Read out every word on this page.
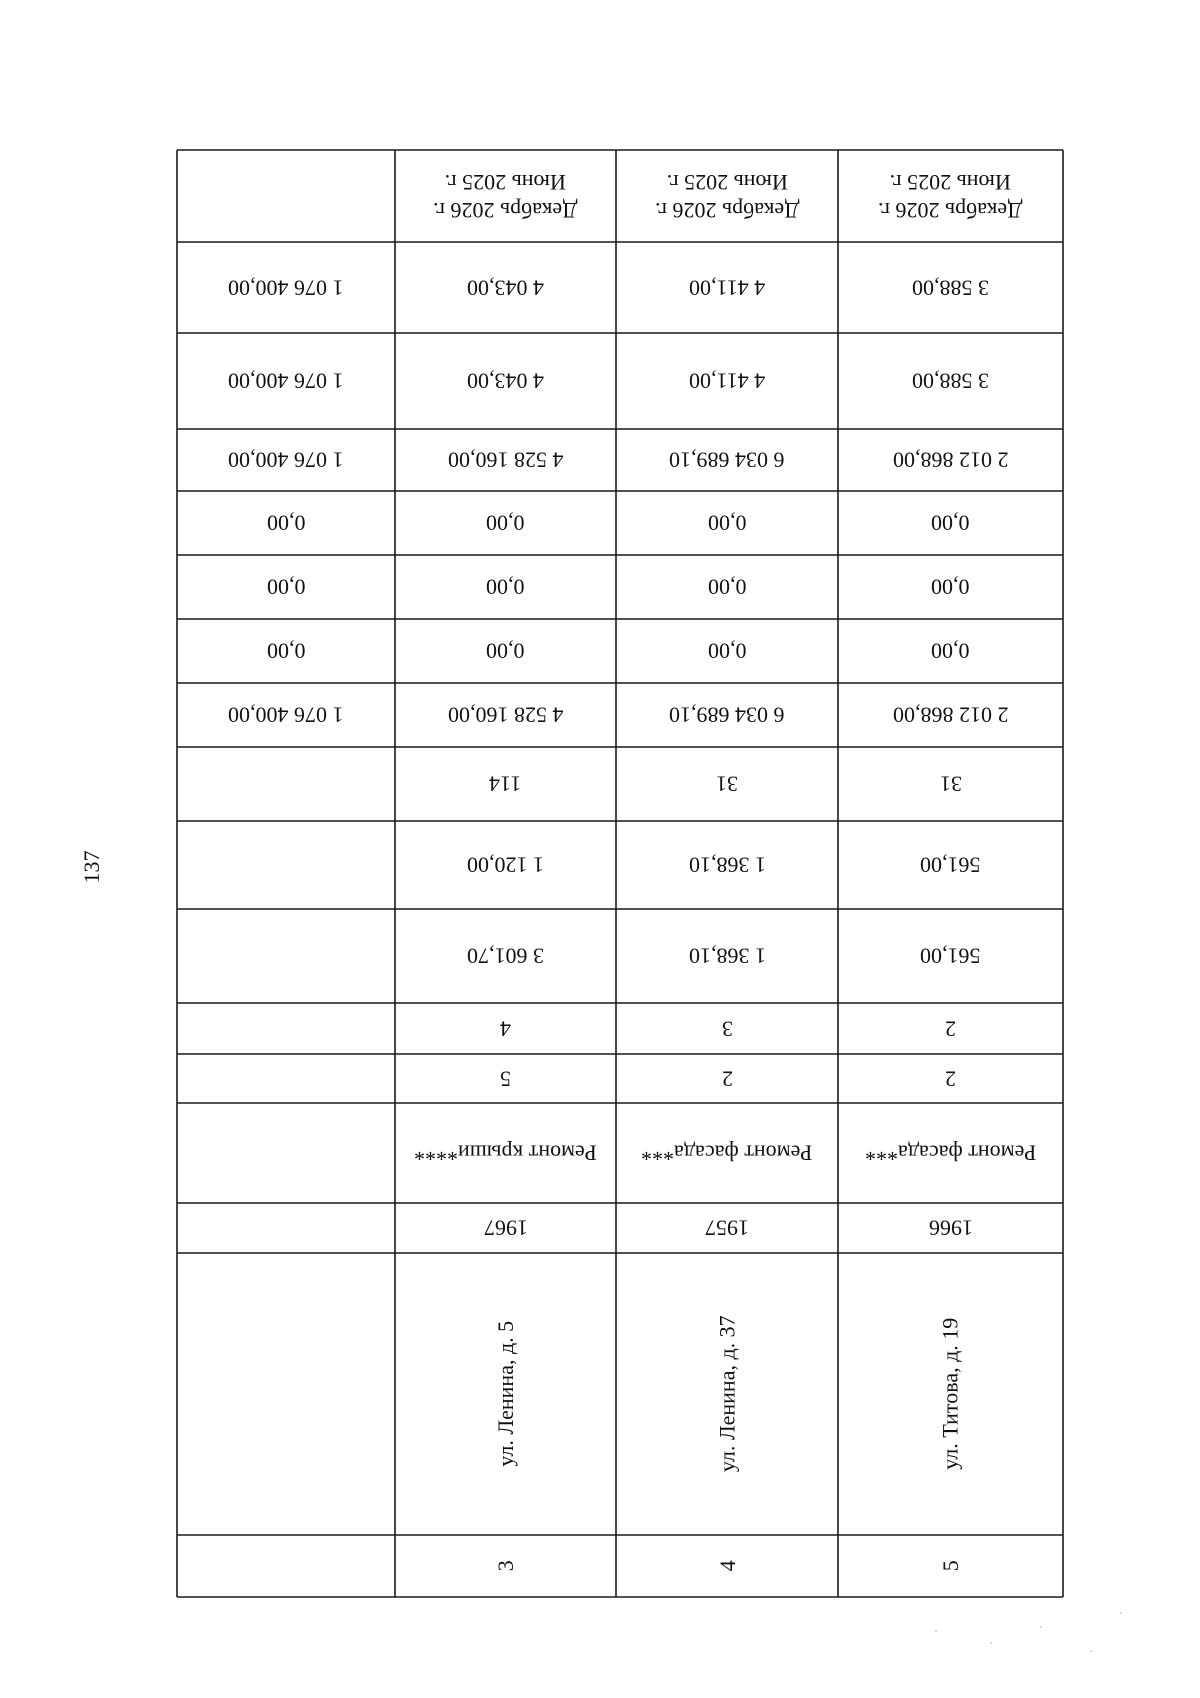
137
Июнь 2025 г.
Декабрь 2026 г.
4 043,00
4 043,00
4 528 160,00
0,00
0,00
0,00
4 528 160,00
114
1 120,00
3 601,70
4
5
Ремонт крыши****
1967
ул. Ленина, д. 5
3
Июнь 2025 г.
Декабрь 2026 г.
4 411,00
4 411,00
6 034 689,10
0,00
0,00
0,00
6 034 689,10
31
1 368,10
1 368,10
3
2
Ремонт фасада***
1957
ул. Ленина, д. 37
4
Июнь 2025 г.
Декабрь 2026 г.
3 588,00
3 588,00
2 012 868,00
0,00
0,00
0,00
2 012 868,00
31
561,00
561,00
2
2
Ремонт фасада***
1966
ул. Титова, д. 19
5
1 076 400,00
1 076 400,00
1 076 400,00
0,00
0,00
0,00
1 076 400,00
